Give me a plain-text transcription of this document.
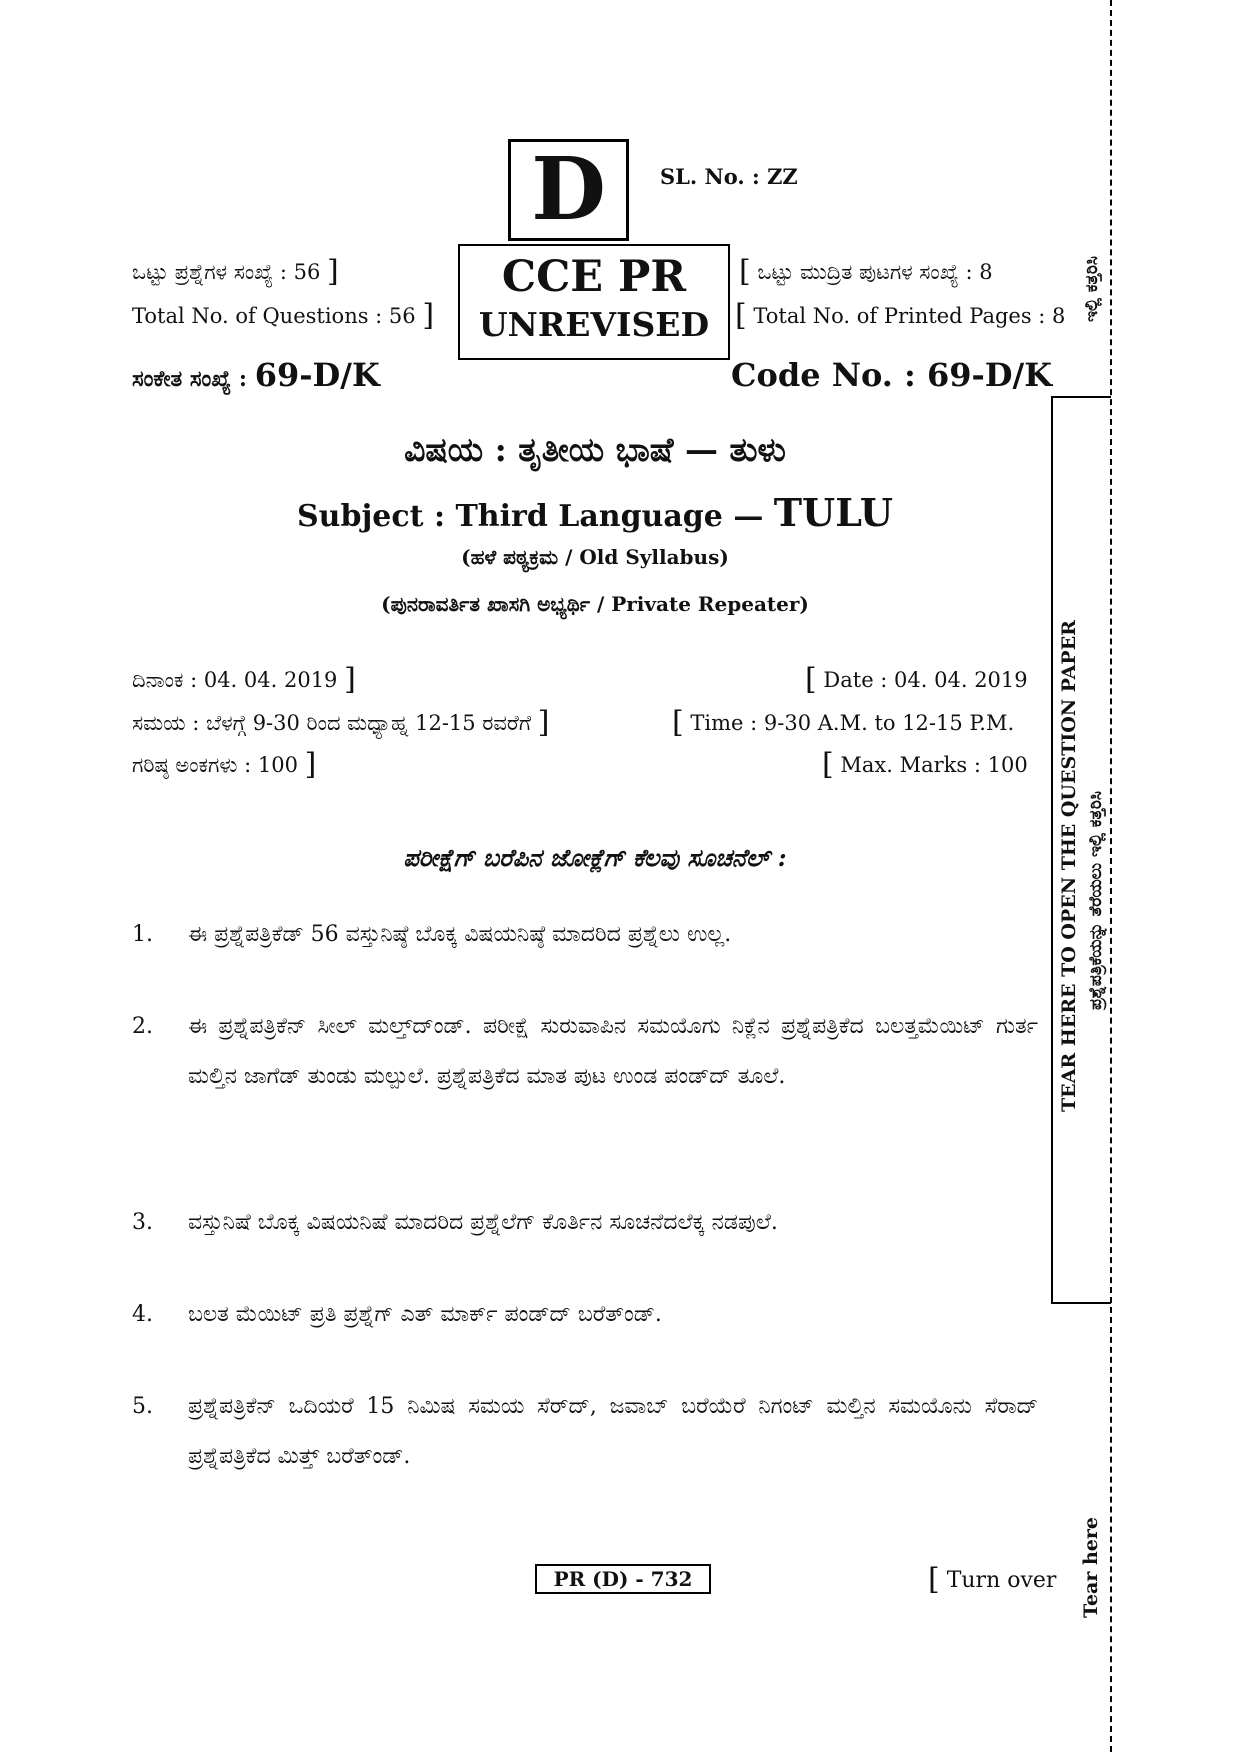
D	SL. No. : ZZ
ಒಟ್ಟು ಪ್ರಶ್ನೆಗಳ ಸಂಖ್ಯೆ : 56 ]
Total No. of Questions : 56 ]
CCE PR
UNREVISED
[ ಒಟ್ಟು ಮುದ್ರಿತ ಪುಟಗಳ ಸಂಖ್ಯೆ : 8
[ Total No. of Printed Pages : 8
ಸಂಕೇತ ಸಂಖ್ಯೆ : 69-D/K	Code No. : 69-D/K
ವಿಷಯ : ತೃತೀಯ ಭಾಷೆ — ತುಳು
Subject : Third Language — TULU
(ಹಳೆ ಪಠ್ಯಕ್ರಮ / Old Syllabus)
(ಪುನರಾವರ್ತಿತ ಖಾಸಗಿ ಅಭ್ಯರ್ಥಿ / Private Repeater)
ದಿನಾಂಕ : 04. 04. 2019 ]
ಸಮಯ : ಬೆಳಗ್ಗೆ 9-30 ರಿಂದ ಮಧ್ಯಾಹ್ನ 12-15 ರವರೆಗೆ ]
ಗರಿಷ್ಠ ಅಂಕಗಳು : 100 ]
[ Date : 04. 04. 2019
[ Time : 9-30 A.M. to 12-15 P.M.
[ Max. Marks : 100
ಪರೀಕ್ಷೆಗ್ ಬರೆಪಿನ ಜೋಕ್ಲೆಗ್ ಕೆಲವು ಸೂಚನೆಲ್ :
1.	ಈ ಪ್ರಶ್ನೆಪತ್ರಿಕೆಡ್ 56 ವಸ್ತುನಿಷ್ಠೆ ಬೊಕ್ಕ ವಿಷಯನಿಷ್ಠೆ ಮಾದರಿದ ಪ್ರಶ್ನೆಲು ಉಲ್ಲ.
2.	ಈ ಪ್ರಶ್ನೆಪತ್ರಿಕೆನ್ ಸೀಲ್ ಮಲ್ತ್‌ದ್‌ಂಡ್. ಪರೀಕ್ಷೆ ಸುರುವಾಪಿನ ಸಮಯೊಗು ನಿಕ್ಲೆನ ಪ್ರಶ್ನೆಪತ್ರಿಕೆದ ಬಲತ್ತಮೆಯಿಟ್ ಗುರ್ತ ಮಲ್ತಿನ ಜಾಗೆಡ್ ತುಂಡು ಮಲ್ಪುಲೆ. ಪ್ರಶ್ನೆಪತ್ರಿಕೆದ ಮಾತ ಪುಟ ಉಂಡ ಪಂಡ್‌ದ್ ತೂಲೆ.
3.	ವಸ್ತುನಿಷೆ ಬೊಕ್ಕ ವಿಷಯನಿಷೆ ಮಾದರಿದ ಪ್ರಶ್ನೆಲೆಗ್ ಕೊರ್ತಿನ ಸೂಚನೆದಲೆಕ್ಕ ನಡಪುಲೆ.
4.	ಬಲತ ಮೆಯಿಟ್ ಪ್ರತಿ ಪ್ರಶ್ನೆಗ್ ಎತ್ ಮಾರ್ಕ್ ಪಂಡ್‌ದ್ ಬರೆತ್‌ಂಡ್.
5.	ಪ್ರಶ್ನೆಪತ್ರಿಕೆನ್ ಒದಿಯರೆ 15 ನಿಮಿಷ ಸಮಯ ಸೆರ್‌ದ್, ಜವಾಬ್ ಬರೆಯೆರೆ ನಿಗಂಟ್ ಮಲ್ತಿನ ಸಮಯೊನು ಸೆರಾದ್ ಪ್ರಶ್ನೆಪತ್ರಿಕೆದ ಮಿತ್ತ್ ಬರೆತ್‌ಂಡ್.
PR (D) - 732	[ Turn over
ಇಲ್ಲಿ ಕತ್ತರಿಸಿ
TEAR HERE TO OPEN THE QUESTION PAPER ಪ್ರಶ್ನೆಪತ್ರಿಕೆಯನ್ನು ತೆರೆಯಲು ಇಲ್ಲಿ ಕತ್ತರಿಸಿ
Tear here
